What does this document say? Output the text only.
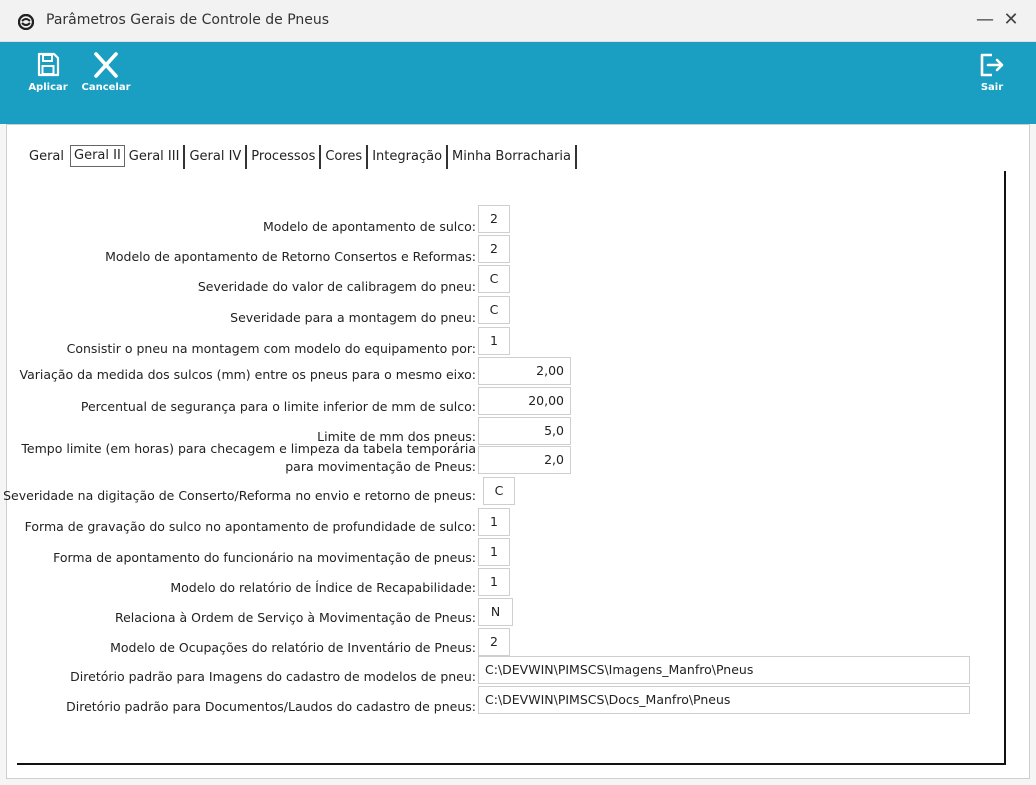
Parâmetros Gerais de Controle de Pneus	— ✕
Aplicar	Cancelar	Sair
Geral Geral II Geral III Geral IV Processos Cores Integração Minha Borracharia
Modelo de apontamento de sulco:
2
Modelo de apontamento de Retorno Consertos e Reformas:
2
Severidade do valor de calibragem do pneu:
C
Severidade para a montagem do pneu:
C
Consistir o pneu na montagem com modelo do equipamento por:
1
Variação da medida dos sulcos (mm) entre os pneus para o mesmo eixo:	2,00
Percentual de segurança para o limite inferior de mm de sulco:	20,00
Limite de mm dos pneus:	5,0
Tempo limite (em horas) para checagem e limpeza da tabela temporária
para movimentação de Pneus:	2,0
Severidade na digitação de Conserto/Reforma no envio e retorno de pneus:	C
Forma de gravação do sulco no apontamento de profundidade de sulco:	1
Forma de apontamento do funcionário na movimentação de pneus:	1
Modelo do relatório de Índice de Recapabilidade:	1
Relaciona à Ordem de Serviço à Movimentação de Pneus:	N
Modelo de Ocupações do relatório de Inventário de Pneus:	2
Diretório padrão para Imagens do cadastro de modelos de pneu: C:\DEVWIN\PIMSCS\Imagens_Manfro\Pneus
Diretório padrão para Documentos/Laudos do cadastro de pneus: C:\DEVWIN\PIMSCS\Docs_Manfro\Pneus
